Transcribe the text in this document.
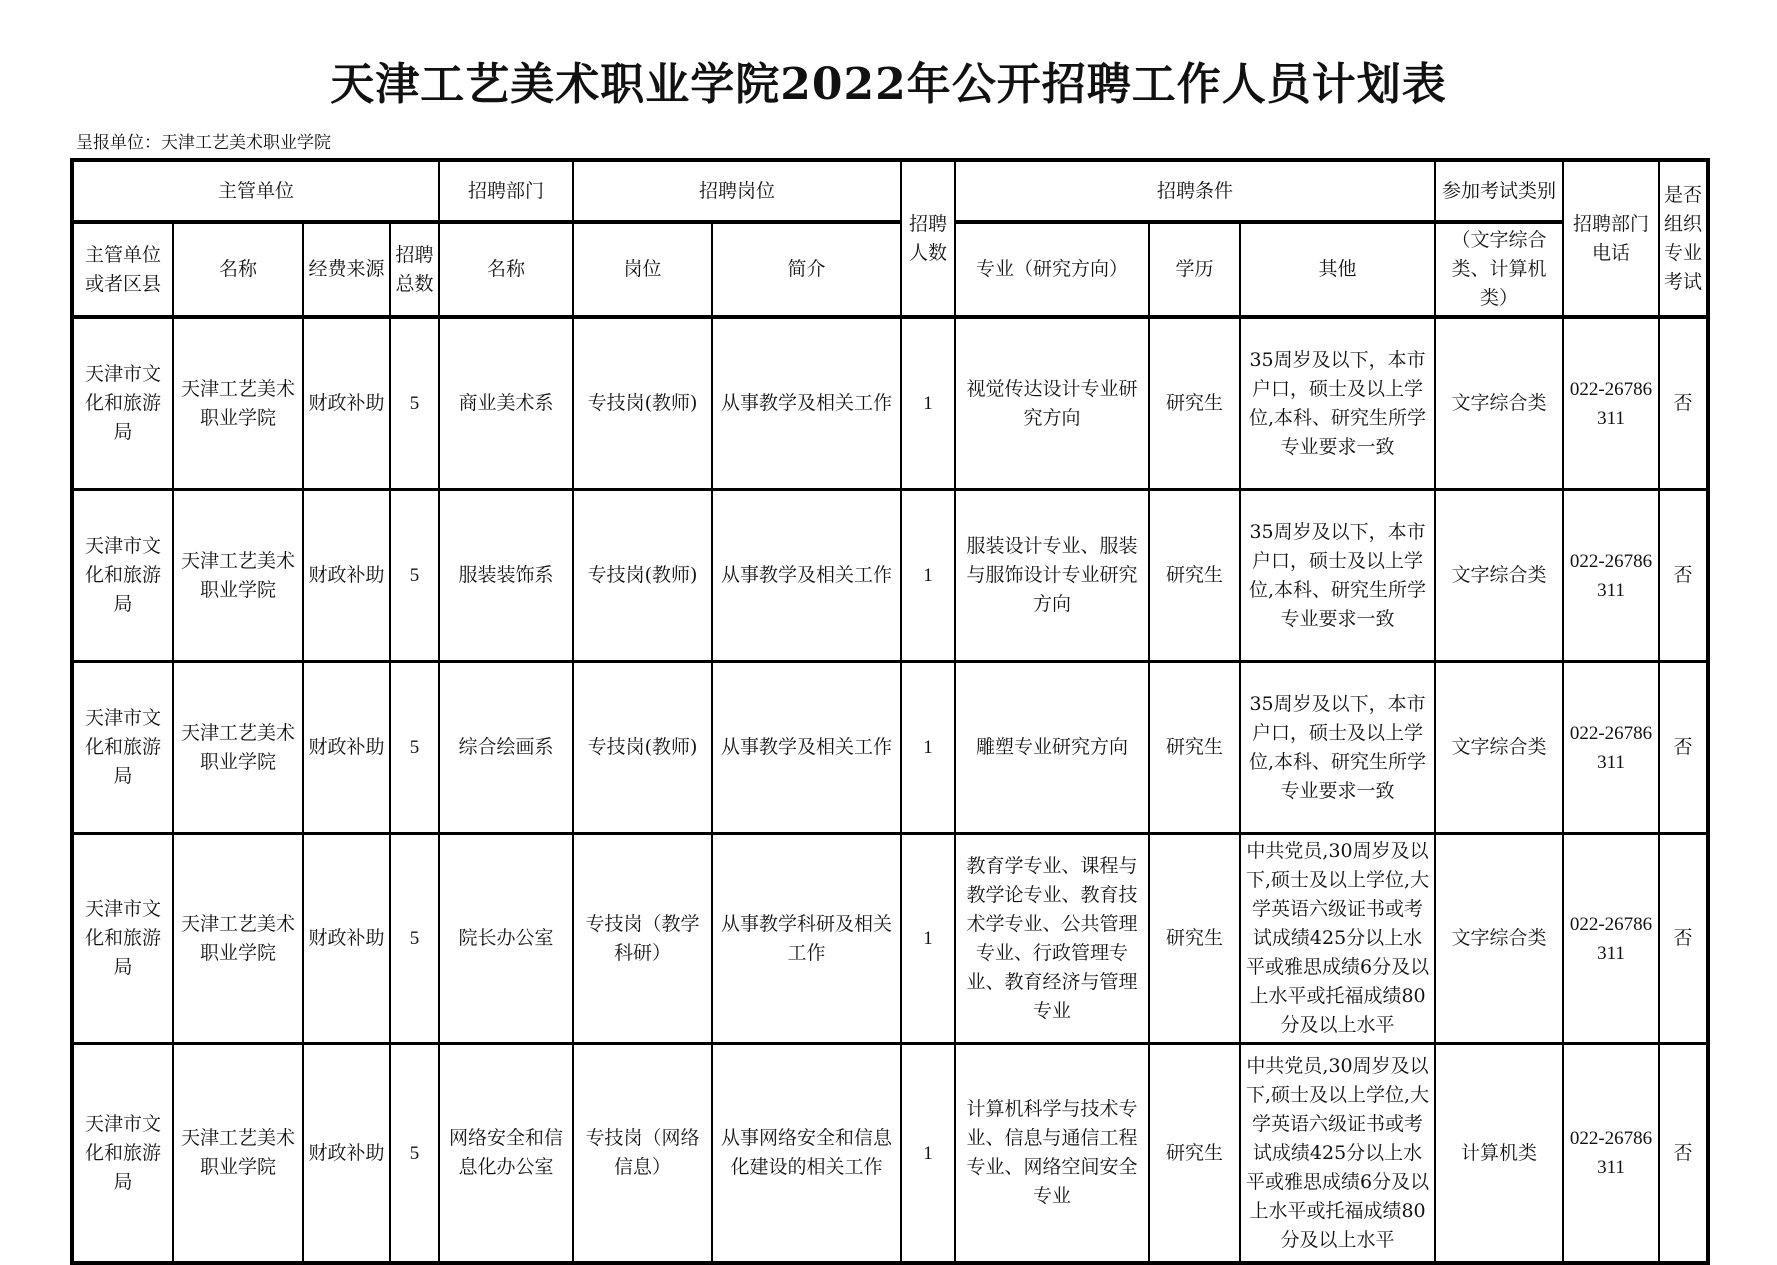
天津工艺美术职业学院2022年公开招聘工作人员计划表
呈报单位：天津工艺美术职业学院
主管单位				招聘部门	招聘岗位		招聘人数	招聘条件			参加考试类别	招聘部门电话	是否组织专业考试
主管单位或者区县	名称	经费来源	招聘总数	名称	岗位	简介		专业（研究方向）	学历	其他	（文字综合类、计算机类）		
天津市文化和旅游局	天津工艺美术职业学院	财政补助	5	商业美术系	专技岗(教师)	从事教学及相关工作	1	视觉传达设计专业研究方向	研究生	35周岁及以下，本市户口，硕士及以上学位,本科、研究生所学专业要求一致	文字综合类	022-26786311	否
天津市文化和旅游局	天津工艺美术职业学院	财政补助	5	服装装饰系	专技岗(教师)	从事教学及相关工作	1	服装设计专业、服装与服饰设计专业研究方向	研究生	35周岁及以下，本市户口，硕士及以上学位,本科、研究生所学专业要求一致	文字综合类	022-26786311	否
天津市文化和旅游局	天津工艺美术职业学院	财政补助	5	综合绘画系	专技岗(教师)	从事教学及相关工作	1	雕塑专业研究方向	研究生	35周岁及以下，本市户口，硕士及以上学位,本科、研究生所学专业要求一致	文字综合类	022-26786311	否
天津市文化和旅游局	天津工艺美术职业学院	财政补助	5	院长办公室	专技岗（教学科研）	从事教学科研及相关工作	1	教育学专业、课程与教学论专业、教育技术学专业、公共管理专业、行政管理专业、教育经济与管理专业	研究生	中共党员,30周岁及以下,硕士及以上学位,大学英语六级证书或考试成绩425分以上水平或雅思成绩6分及以上水平或托福成绩80分及以上水平	文字综合类	022-26786311	否
天津市文化和旅游局	天津工艺美术职业学院	财政补助	5	网络安全和信息化办公室	专技岗（网络信息）	从事网络安全和信息化建设的相关工作	1	计算机科学与技术专业、信息与通信工程专业、网络空间安全专业	研究生	中共党员,30周岁及以下,硕士及以上学位,大学英语六级证书或考试成绩425分以上水平或雅思成绩6分及以上水平或托福成绩80分及以上水平	计算机类	022-26786311	否
